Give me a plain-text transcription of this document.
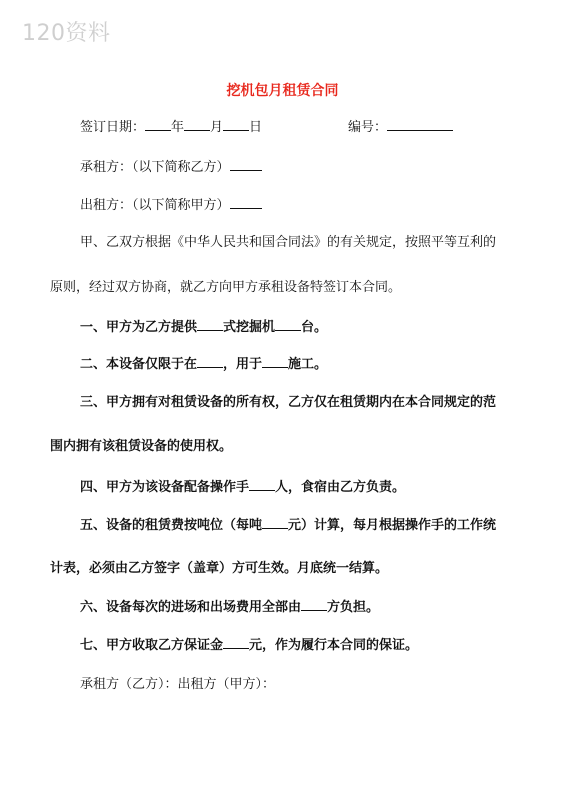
120资料
挖机包月租赁合同
签订日期： 年 月 日	编号：
承租方：（以下简称乙方）
出租方：（以下简称甲方）
甲、乙双方根据《中华人民共和国合同法》的有关规定，按照平等互利的
原则，经过双方协商，就乙方向甲方承租设备特签订本合同。
一、甲方为乙方提供 式挖掘机 台。
二、本设备仅限于在 ，用于 施工。
三、甲方拥有对租赁设备的所有权，乙方仅在租赁期内在本合同规定的范
围内拥有该租赁设备的使用权。
四、甲方为该设备配备操作手 人，食宿由乙方负责。
五、设备的租赁费按吨位（每吨 元）计算，每月根据操作手的工作统
计表，必须由乙方签字（盖章）方可生效。月底统一结算。
六、设备每次的进场和出场费用全部由 方负担。
七、甲方收取乙方保证金 元，作为履行本合同的保证。
承租方（乙方）：出租方（甲方）：
